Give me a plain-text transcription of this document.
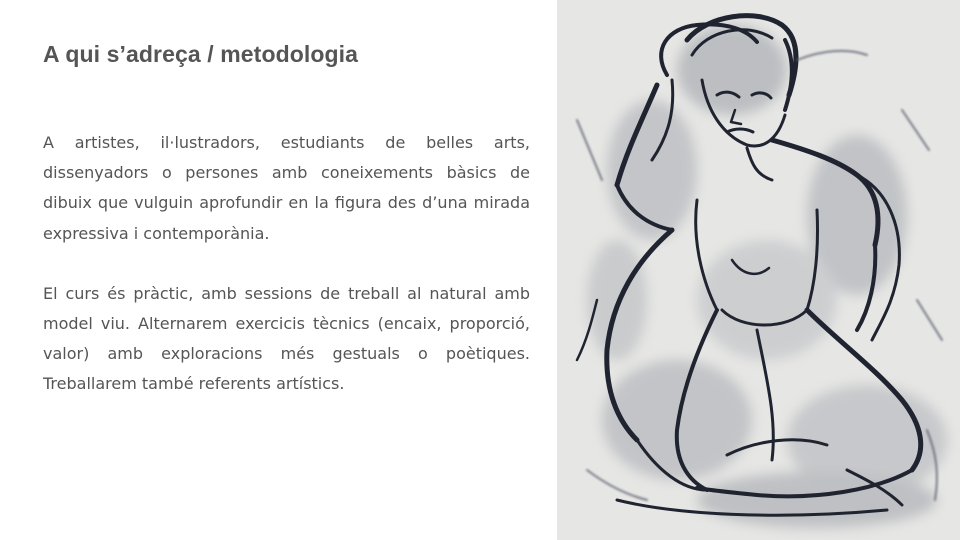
A qui s’adreça / metodologia

A artistes, il·lustradors, estudiants de belles arts, dissenyadors o persones amb coneixements bàsics de dibuix que vulguin aprofundir en la figura des d’una mirada expressiva i contemporània.

El curs és pràctic, amb sessions de treball al natural amb model viu. Alternarem exercicis tècnics (encaix, proporció, valor) amb exploracions més gestuals o poètiques. Treballarem també referents artístics.
